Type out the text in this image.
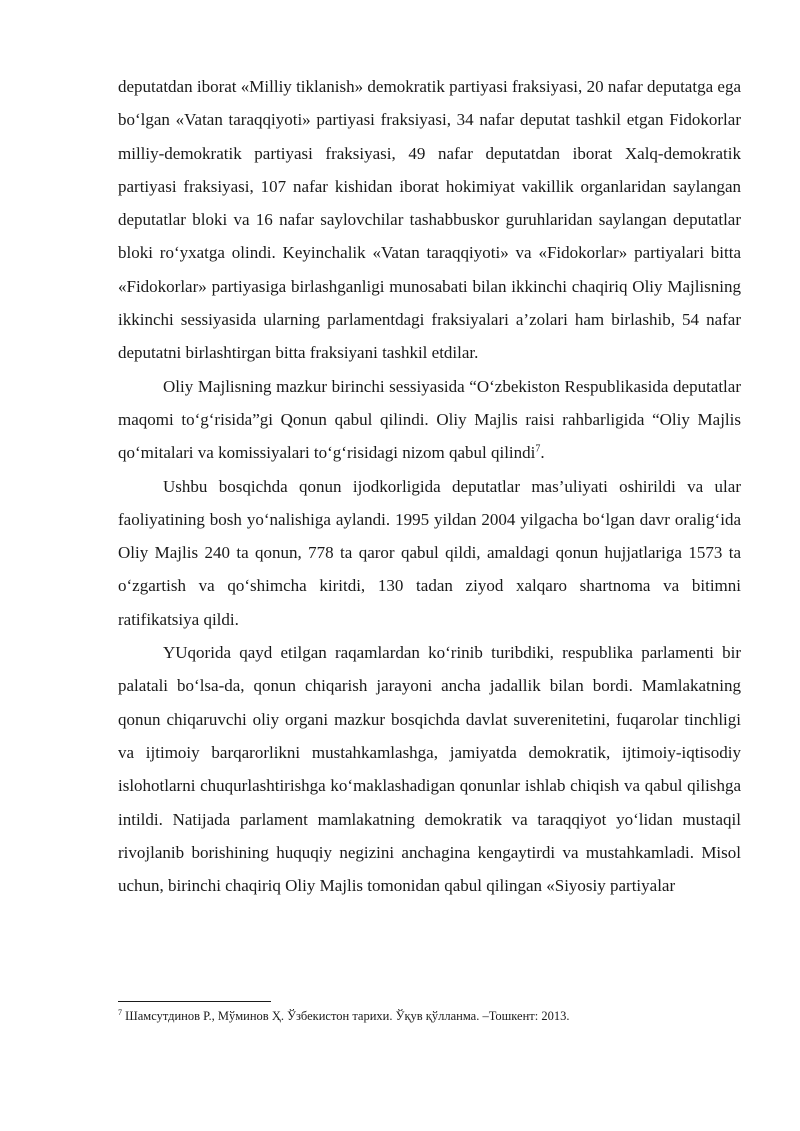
deputatdan iborat «Milliy tiklanish» demokratik partiyasi fraksiyasi, 20 nafar deputatga ega bo‘lgan «Vatan taraqqiyoti» partiyasi fraksiyasi, 34 nafar deputat tashkil etgan Fidokorlar milliy-demokratik partiyasi fraksiyasi, 49 nafar deputatdan iborat Xalq-demokratik partiyasi fraksiyasi, 107 nafar kishidan iborat hokimiyat vakillik organlaridan saylangan deputatlar bloki va 16 nafar saylovchilar tashabbuskor guruhlaridan saylangan deputatlar bloki ro‘yxatga olindi. Keyinchalik «Vatan taraqqiyoti» va «Fidokorlar» partiyalari bitta «Fidokorlar» partiyasiga birlashganligi munosabati bilan ikkinchi chaqiriq Oliy Majlisning ikkinchi sessiyasida ularning parlamentdagi fraksiyalari a’zolari ham birlashib, 54 nafar deputatni birlashtirgan bitta fraksiyani tashkil etdilar.

Oliy Majlisning mazkur birinchi sessiyasida “O‘zbekiston Respublikasida deputatlar maqomi to‘g‘risida”gi Qonun qabul qilindi. Oliy Majlis raisi rahbarligida “Oliy Majlis qo‘mitalari va komissiyalari to‘g‘risidagi nizom qabul qilindi$^7$.

Ushbu bosqichda qonun ijodkorligida deputatlar mas’uliyati oshirildi va ular faoliyatining bosh yo‘nalishiga aylandi. 1995 yildan 2004 yilgacha bo‘lgan davr oralig‘ida Oliy Majlis 240 ta qonun, 778 ta qaror qabul qildi, amaldagi qonun hujjatlariga 1573 ta o‘zgartish va qo‘shimcha kiritdi, 130 tadan ziyod xalqaro shartnoma va bitimni ratifikatsiya qildi.

YUqorida qayd etilgan raqamlardan ko‘rinib turibdiki, respublika parlamenti bir palatali bo‘lsa-da, qonun chiqarish jarayoni ancha jadallik bilan bordi. Mamlakatning qonun chiqaruvchi oliy organi mazkur bosqichda davlat suverenitetini, fuqarolar tinchligi va ijtimoiy barqarorlikni mustahkamlashga, jamiyatda demokratik, ijtimoiy-iqtisodiy islohotlarni chuqurlashtirishga ko‘maklashadigan qonunlar ishlab chiqish va qabul qilishga intildi. Natijada parlament mamlakatning demokratik va taraqqiyot yo‘lidan mustaqil rivojlanib borishining huquqiy negizini anchagina kengaytirdi va mustahkamladi. Misol uchun, birinchi chaqiriq Oliy Majlis tomonidan qabul qilingan «Siyosiy partiyalar

$^7$ Шамсутдинов Р., Мўминов Ҳ. Ўзбекистон тарихи. Ўқув қўлланма. –Тошкент: 2013.
